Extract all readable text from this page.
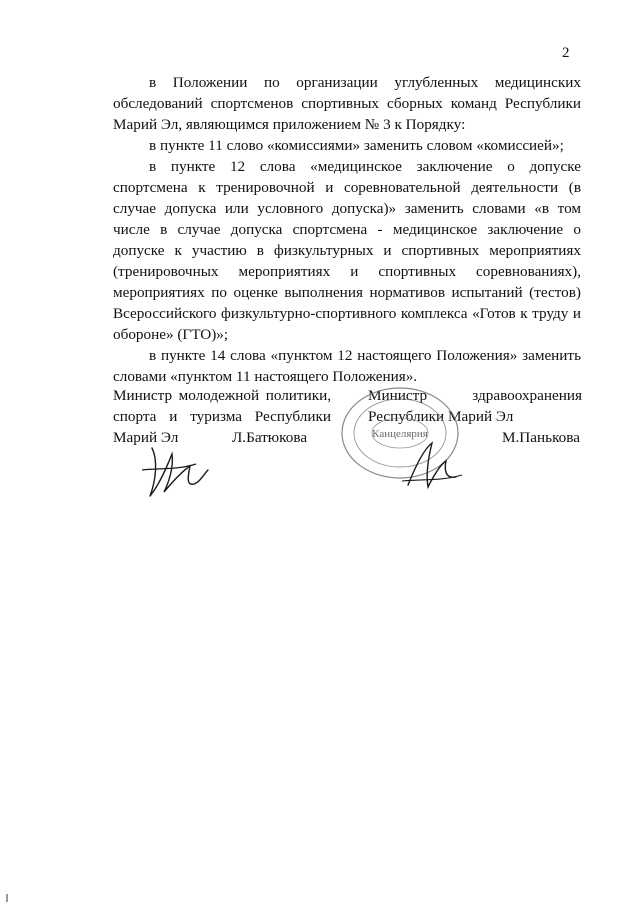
2

в Положении по организации углубленных медицинских обследований спортсменов спортивных сборных команд Республики Марий Эл, являющимся приложением № 3 к Порядку:

в пункте 11 слово «комиссиями» заменить словом «комиссией»;

в пункте 12 слова «медицинское заключение о допуске спортсмена к тренировочной и соревновательной деятельности (в случае допуска или условного допуска)» заменить словами «в том числе в случае допуска спортсмена - медицинское заключение о допуске к участию в физкультурных и спортивных мероприятиях (тренировочных мероприятиях и спортивных соревнованиях), мероприятиях по оценке выполнения нормативов испытаний (тестов) Всероссийского физкультурно-спортивного комплекса «Готов к труду и обороне» (ГТО)»;

в пункте 14 слова «пунктом 12 настоящего Положения» заменить словами «пунктом 11 настоящего Положения».

Министр молодежной политики, спорта и туризма Республики Марий Эл	Л.Батюкова
Министр	здравоохранения
Республики Марий Эл
М.Панькова
Канцелярия
